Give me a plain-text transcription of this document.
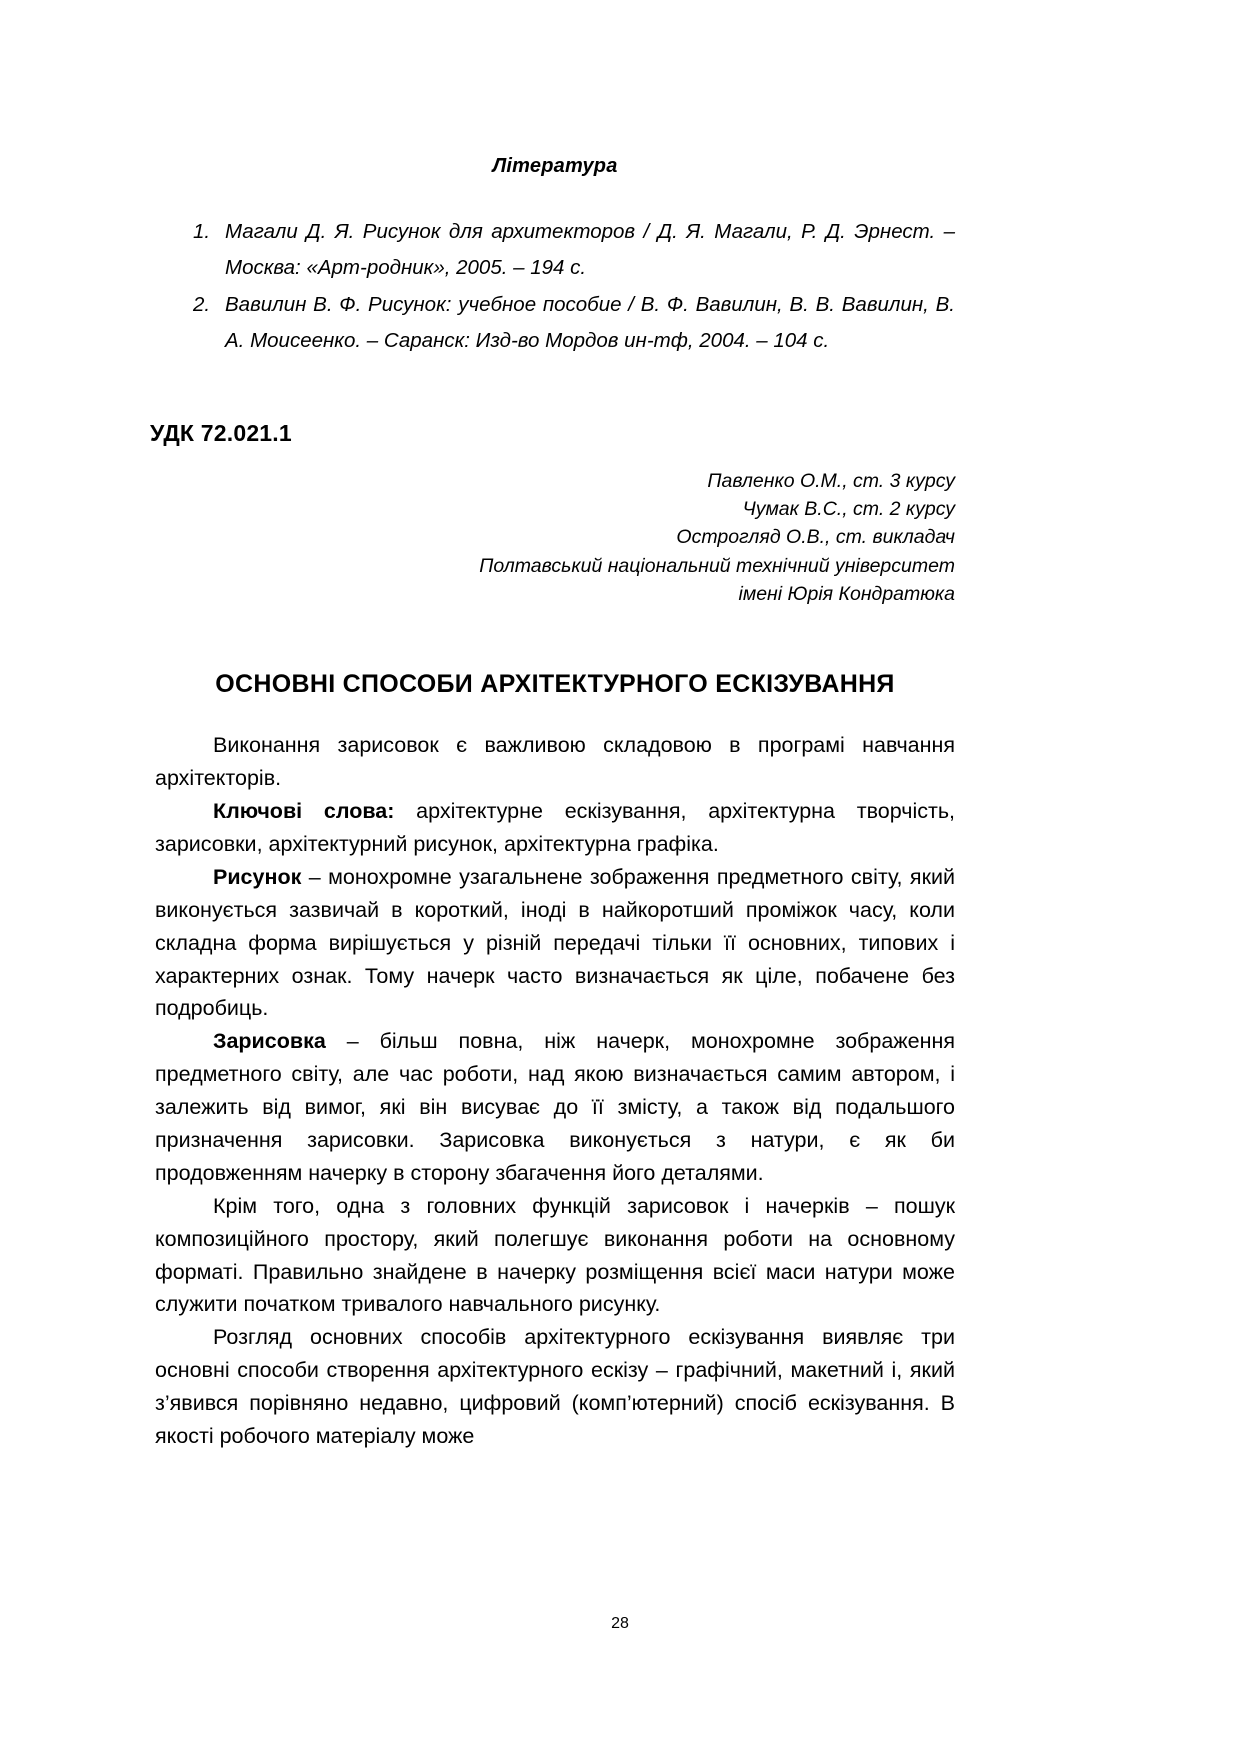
Література
1. Магали Д. Я. Рисунок для архитекторов / Д. Я. Магали, Р. Д. Эрнест. – Москва: «Арт-родник», 2005. – 194 с.
2. Вавилин В. Ф. Рисунок: учебное пособие / В. Ф. Вавилин, В. В. Вавилин, В. А. Моисеенко. – Саранск: Изд-во Мордов ин-тф, 2004. – 104 с.
УДК 72.021.1
Павленко О.М., ст. 3 курсу
Чумак В.С., ст. 2 курсу
Острогляд О.В., ст. викладач
Полтавський національний технічний університет
імені Юрія Кондратюка
ОСНОВНІ СПОСОБИ АРХІТЕКТУРНОГО ЕСКІЗУВАННЯ

Виконання зарисовок є важливою складовою в програмі навчання архітекторів.

Ключові слова: архітектурне ескізування, архітектурна творчість, зарисовки, архітектурний рисунок, архітектурна графіка.

Рисунок – монохромне узагальнене зображення предметного світу, який виконується зазвичай в короткий, іноді в найкоротший проміжок часу, коли складна форма вирішується у різній передачі тільки її основних, типових і характерних ознак. Тому начерк часто визначається як ціле, побачене без подробиць.

Зарисовка – більш повна, ніж начерк, монохромне зображення предметного світу, але час роботи, над якою визначається самим автором, і залежить від вимог, які він висуває до її змісту, а також від подальшого призначення зарисовки. Зарисовка виконується з натури, є як би продовженням начерку в сторону збагачення його деталями.

Крім того, одна з головних функцій зарисовок і начерків – пошук композиційного простору, який полегшує виконання роботи на основному форматі. Правильно знайдене в начерку розміщення всієї маси натури може служити початком тривалого навчального рисунку.

Розгляд основних способів архітектурного ескізування виявляє три основні способи створення архітектурного ескізу – графічний, макетний і, який з’явився порівняно недавно, цифровий (комп’ютерний) спосіб ескізування. В якості робочого матеріалу може

28
